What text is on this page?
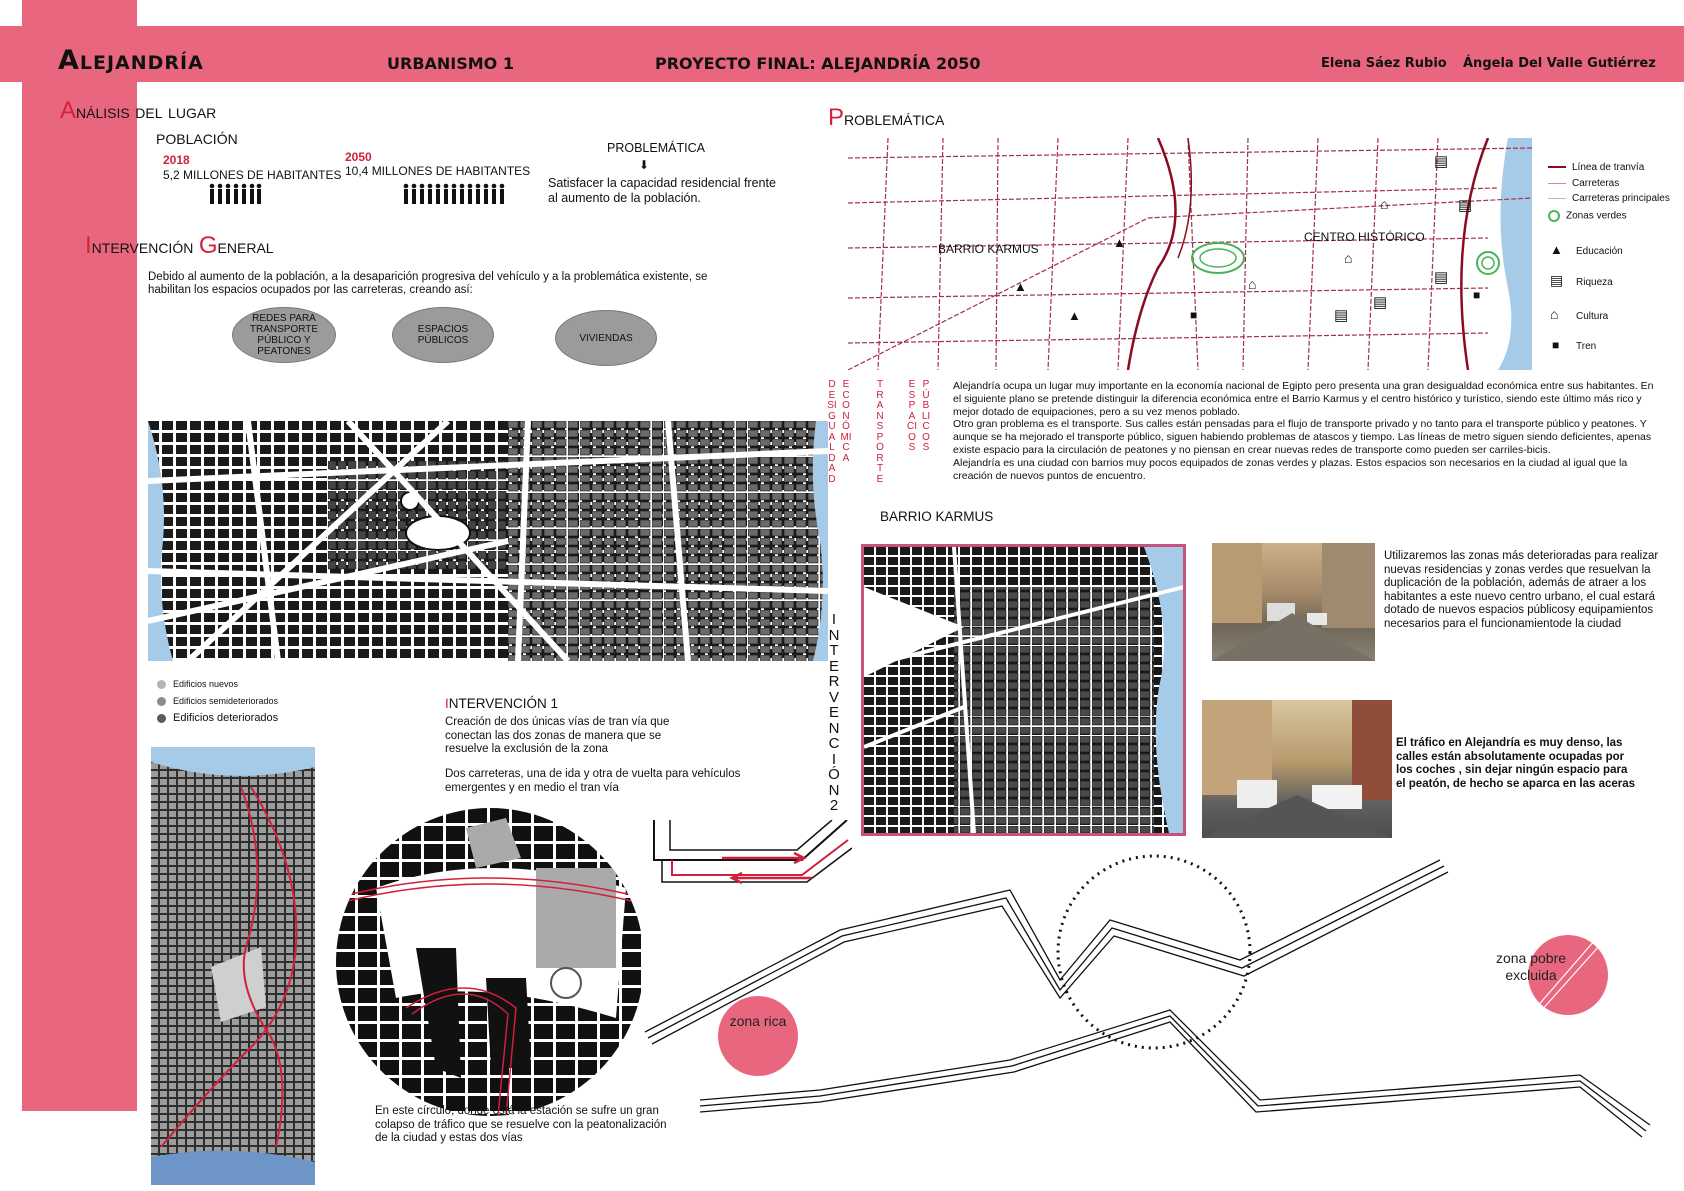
Alejandría	URBANISMO 1	PROYECTO FINAL: ALEJANDRÍA 2050	Elena Sáez Rubio Ángela Del Valle Gutiérrez
Análisis del lugar
POBLACIÓN
2018
5,2 MILLONES DE HABITANTES
2050
10,4 MILLONES DE HABITANTES
PROBLEMÁTICA
⬇
Satisfacer la capacidad residencial frente al aumento de la población.
Intervención General
Debido al aumento de la población, a la desaparición progresiva del vehículo y a la problemática existente, se habilitan los espacios ocupados por las carreteras, creando así:
REDES PARA TRANSPORTE PÚBLICO Y PEATONES
ESPACIOS PÚBLICOS	VIVIENDAS
Edificios nuevos
Edificios semideteriorados
Edificios deteriorados
INTERVENCIÓN 1
Creación de dos únicas vías de tran vía que conectan las dos zonas de manera que se resuelve la exclusión de la zona
Dos carreteras, una de ida y otra de vuelta para vehículos emergentes y en medio el tran vía
En este círculo, donde está la estación se sufre un gran colapso de tráfico que se resuelve con la peatonalización de la ciudad y estas dos vías
INTERVENCIÓN 2
Problemática
BARRIO KARMUS
CENTRO HISTÓRICO
▤
▤
▤
▤
▤
⌂
⌂
⌂
▲
▲
▲
■
■
Línea de tranvía
Carreteras
Carreteras principales
Zonas verdes
▲ Educación
▤ Riqueza
⌂ Cultura
■ Tren
DESIGUALDAD
ECONÓMICA
TRANSPORTE
ESPACIOS
PÚBLICOS
Alejandría ocupa un lugar muy importante en la economía nacional de Egipto pero presenta una gran desigualdad económica entre sus habitantes. En el siguiente plano se pretende distinguir la diferencia económica entre el Barrio Karmus y el centro histórico y turístico, siendo este último más rico y mejor dotado de equipaciones, pero a su vez menos poblado.
Otro gran problema es el transporte. Sus calles están pensadas para el flujo de transporte privado y no tanto para el transporte público y peatones. Y aunque se ha mejorado el transporte público, siguen habiendo problemas de atascos y tiempo. Las líneas de metro siguen siendo deficientes, apenas existe espacio para la circulación de peatones y no piensan en crear nuevas redes de transporte como pueden ser carriles-bicis.
Alejandría es una ciudad con barrios muy pocos equipados de zonas verdes y plazas. Estos espacios son necesarios en la ciudad al igual que la creación de nuevos puntos de encuentro.
BARRIO KARMUS
Utilizaremos las zonas más deterioradas para realizar nuevas residencias y zonas verdes que resuelvan la duplicación de la población, además de atraer a los habitantes a este nuevo centro urbano, el cual estará dotado de nuevos espacios públicosy equipamientos necesarios para el funcionamientode la ciudad
El tráfico en Alejandría es muy denso, las calles están absolutamente ocupadas por los coches , sin dejar ningún espacio para el peatón, de hecho se aparca en las aceras
zona rica
zona pobre excluida
